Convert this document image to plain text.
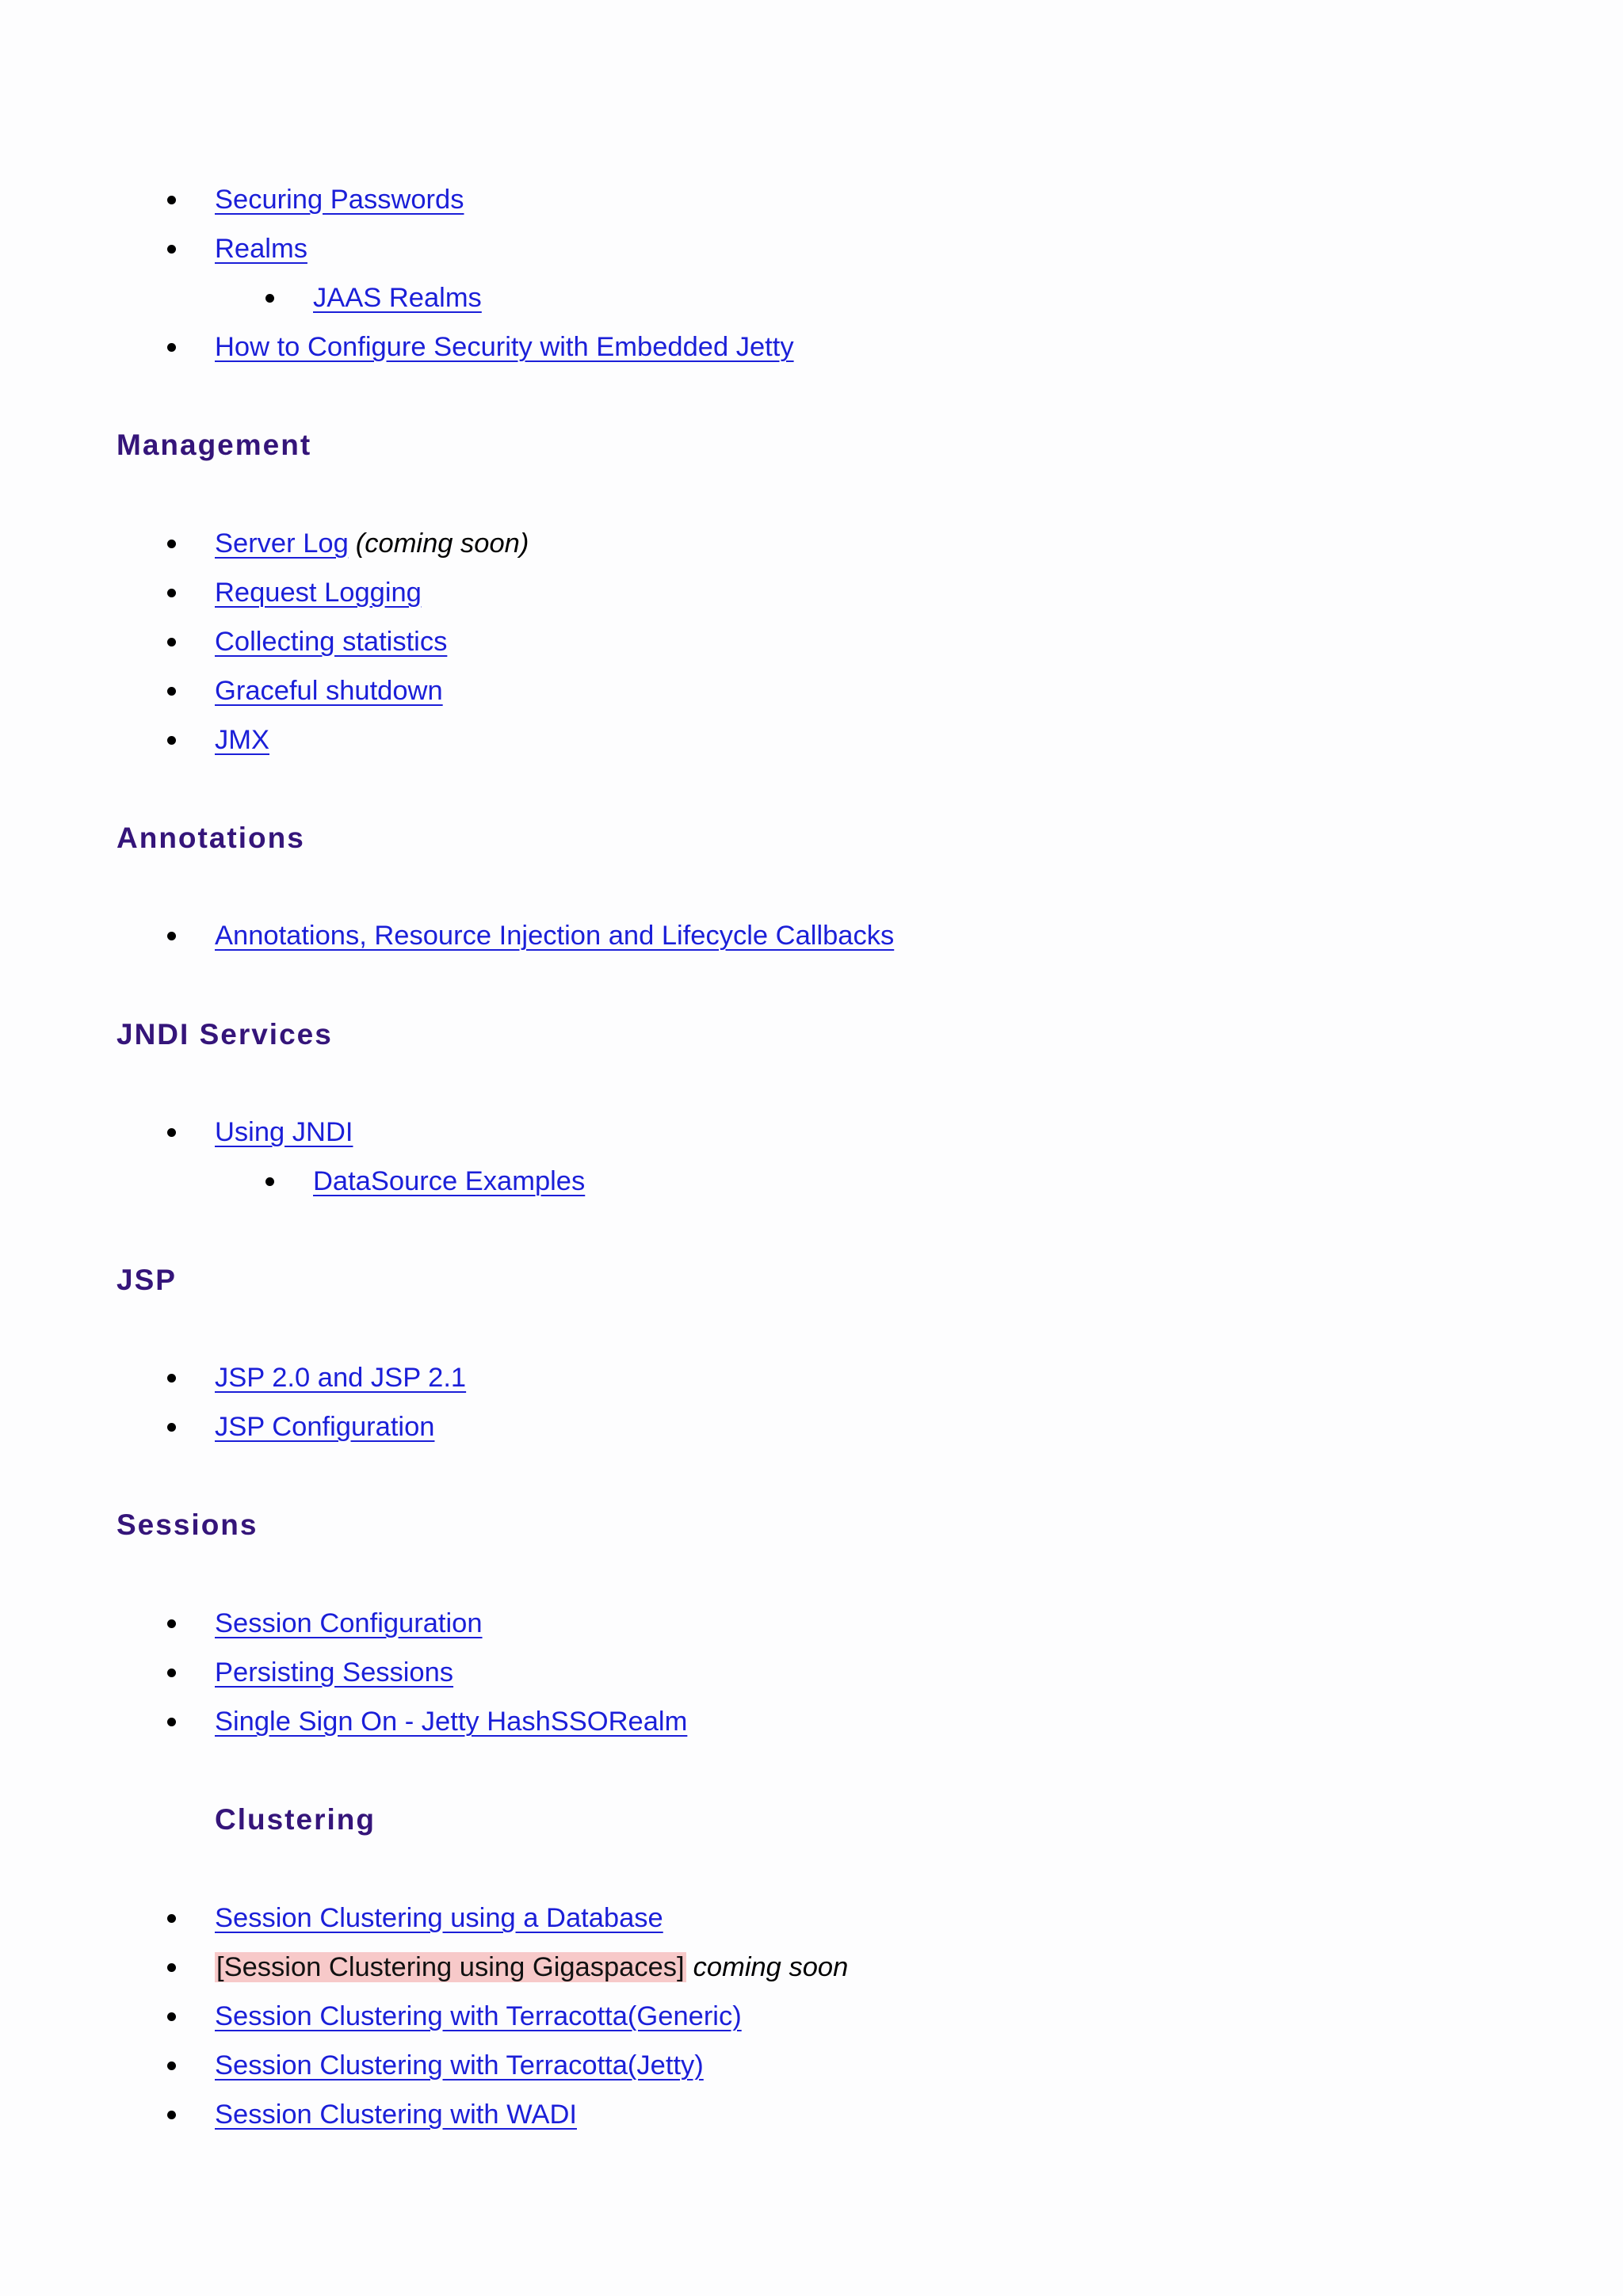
Securing Passwords
Realms
JAAS Realms
How to Configure Security with Embedded Jetty
Management
Server Log (coming soon)
Request Logging
Collecting statistics
Graceful shutdown
JMX
Annotations
Annotations, Resource Injection and Lifecycle Callbacks
JNDI Services
Using JNDI
DataSource Examples
JSP
JSP 2.0 and JSP 2.1
JSP Configuration
Sessions
Session Configuration
Persisting Sessions
Single Sign On - Jetty HashSSORealm
Clustering
Session Clustering using a Database
[Session Clustering using Gigaspaces] coming soon
Session Clustering with Terracotta(Generic)
Session Clustering with Terracotta(Jetty)
Session Clustering with WADI
